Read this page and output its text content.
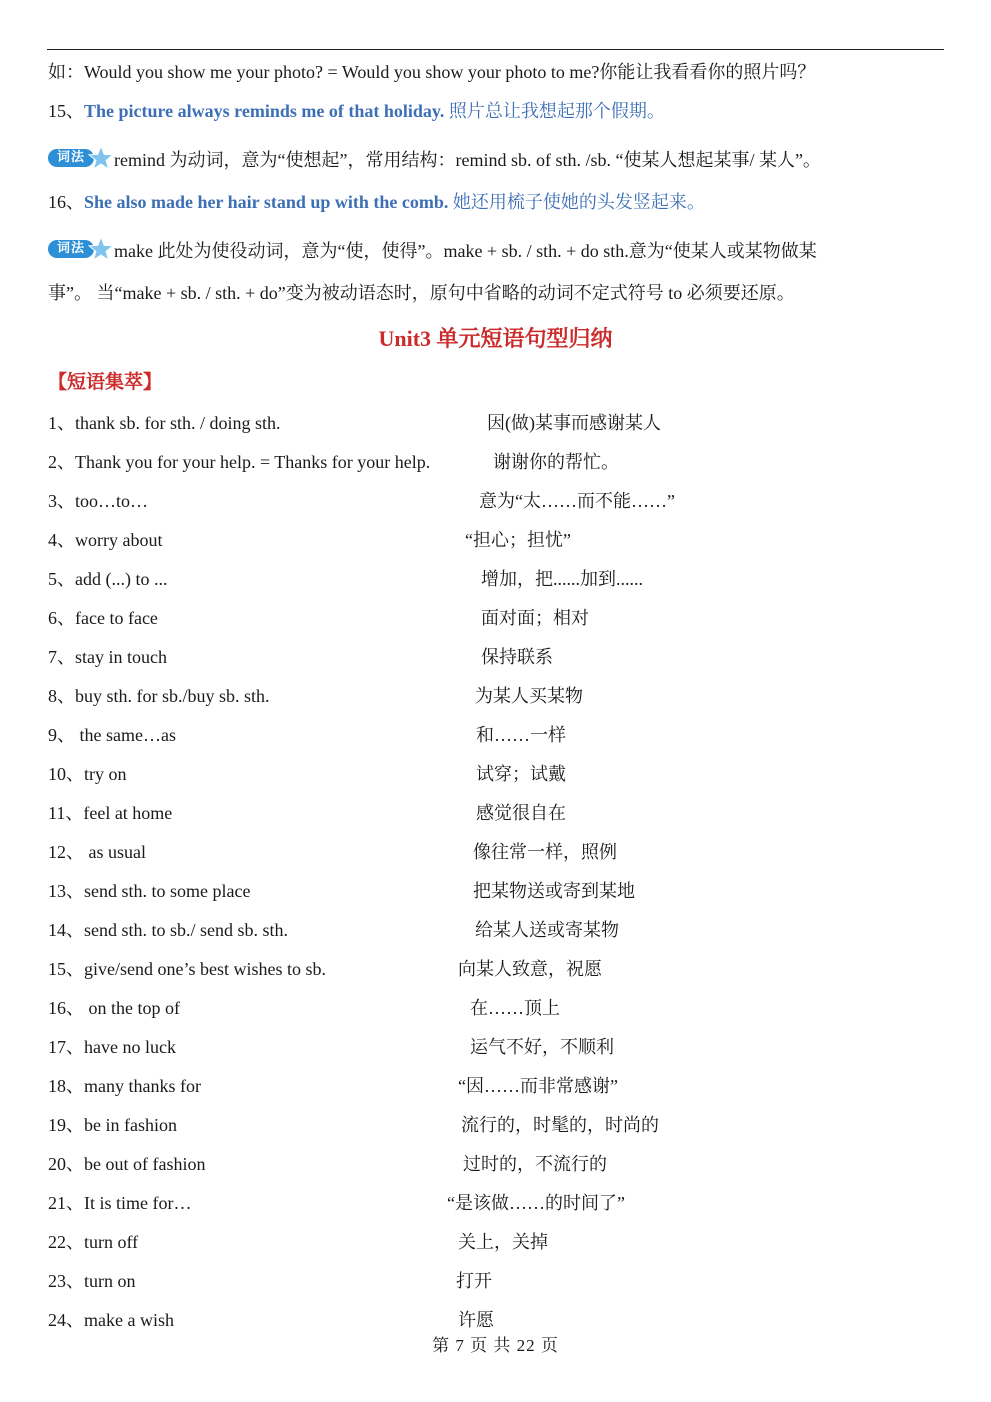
如：Would you show me your photo? = Would you show your photo to me?你能让我看看你的照片吗？
15、The picture always reminds me of that holiday. 照片总让我想起那个假期。
词法	remind 为动词，意为“使想起”，常用结构：remind sb. of sth. /sb. “使某人想起某事/ 某人”。
16、She also made her hair stand up with the comb. 她还用梳子使她的头发竖起来。
词法	make 此处为使役动词，意为“使，使得”。make + sb. / sth. + do sth.意为“使某人或某物做某
事”。 当“make + sb. / sth. + do”变为被动语态时，原句中省略的动词不定式符号 to 必须要还原。
Unit3 单元短语句型归纳
【短语集萃】
1、thank sb. for sth. / doing sth.	因(做)某事而感谢某人
2、Thank you for your help. = Thanks for your help.	谢谢你的帮忙。
3、too…to…	意为“太……而不能……”
4、worry about	“担心；担忧”
5、add (...) to ...	增加，把......加到......
6、face to face	面对面；相对
7、stay in touch	保持联系
8、buy sth. for sb./buy sb. sth.	为某人买某物
9、 the same…as	和……一样
10、try on	试穿；试戴
11、feel at home	感觉很自在
12、 as usual	像往常一样，照例
13、send sth. to some place	把某物送或寄到某地
14、send sth. to sb./ send sb. sth.	给某人送或寄某物
15、give/send one’s best wishes to sb.	向某人致意，祝愿
16、 on the top of	在……顶上
17、have no luck	运气不好，不顺利
18、many thanks for	“因……而非常感谢”
19、be in fashion	流行的，时髦的，时尚的
20、be out of fashion	过时的，不流行的
21、It is time for…	“是该做……的时间了”
22、turn off	关上，关掉
23、turn on	打开
24、make a wish	许愿
第 7 页 共 22 页
